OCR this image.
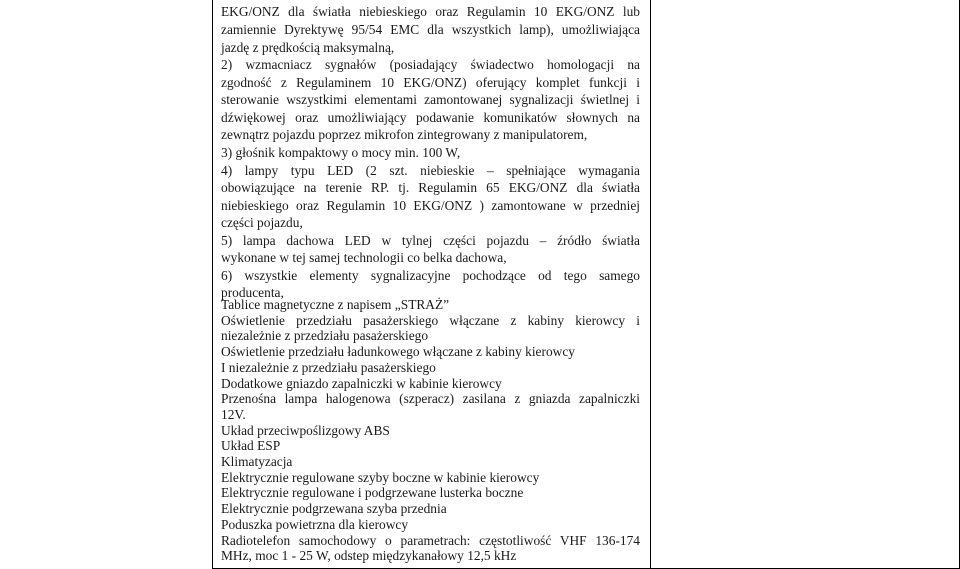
EKG/ONZ dla światła niebieskiego oraz Regulamin 10 EKG/ONZ lub
zamiennie Dyrektywę 95/54 EMC dla wszystkich lamp), umożliwiająca
jazdę z prędkością maksymalną,
2) wzmacniacz sygnałów (posiadający świadectwo homologacji na
zgodność z Regulaminem 10 EKG/ONZ) oferujący komplet funkcji i
sterowanie wszystkimi elementami zamontowanej sygnalizacji świetlnej i
dźwiękowej oraz umożliwiający podawanie komunikatów słownych na
zewnątrz pojazdu poprzez mikrofon zintegrowany z manipulatorem,
3) głośnik kompaktowy o mocy min. 100 W,
4) lampy typu LED (2 szt. niebieskie – spełniające wymagania
obowiązujące na terenie RP. tj. Regulamin 65 EKG/ONZ dla światła
niebieskiego oraz Regulamin 10 EKG/ONZ ) zamontowane w przedniej
części pojazdu,
5) lampa dachowa LED w tylnej części pojazdu – źródło światła
wykonane w tej samej technologii co belka dachowa,
6) wszystkie elementy sygnalizacyjne pochodzące od tego samego
producenta,
Tablice magnetyczne z napisem „STRAŻ”
Oświetlenie przedziału pasażerskiego włączane z kabiny kierowcy i
niezależnie z przedziału pasażerskiego
Oświetlenie przedziału ładunkowego włączane z kabiny kierowcy
I niezależnie z przedziału pasażerskiego
Dodatkowe gniazdo zapalniczki w kabinie kierowcy
Przenośna lampa halogenowa (szperacz) zasilana z gniazda zapalniczki
12V.
Układ przeciwpoślizgowy ABS
Układ ESP
Klimatyzacja
Elektrycznie regulowane szyby boczne w kabinie kierowcy
Elektrycznie regulowane i podgrzewane lusterka boczne
Elektrycznie podgrzewana szyba przednia
Poduszka powietrzna dla kierowcy
Radiotelefon samochodowy o parametrach: częstotliwość VHF 136-174
MHz, moc 1 - 25 W, odstep międzykanałowy 12,5 kHz
